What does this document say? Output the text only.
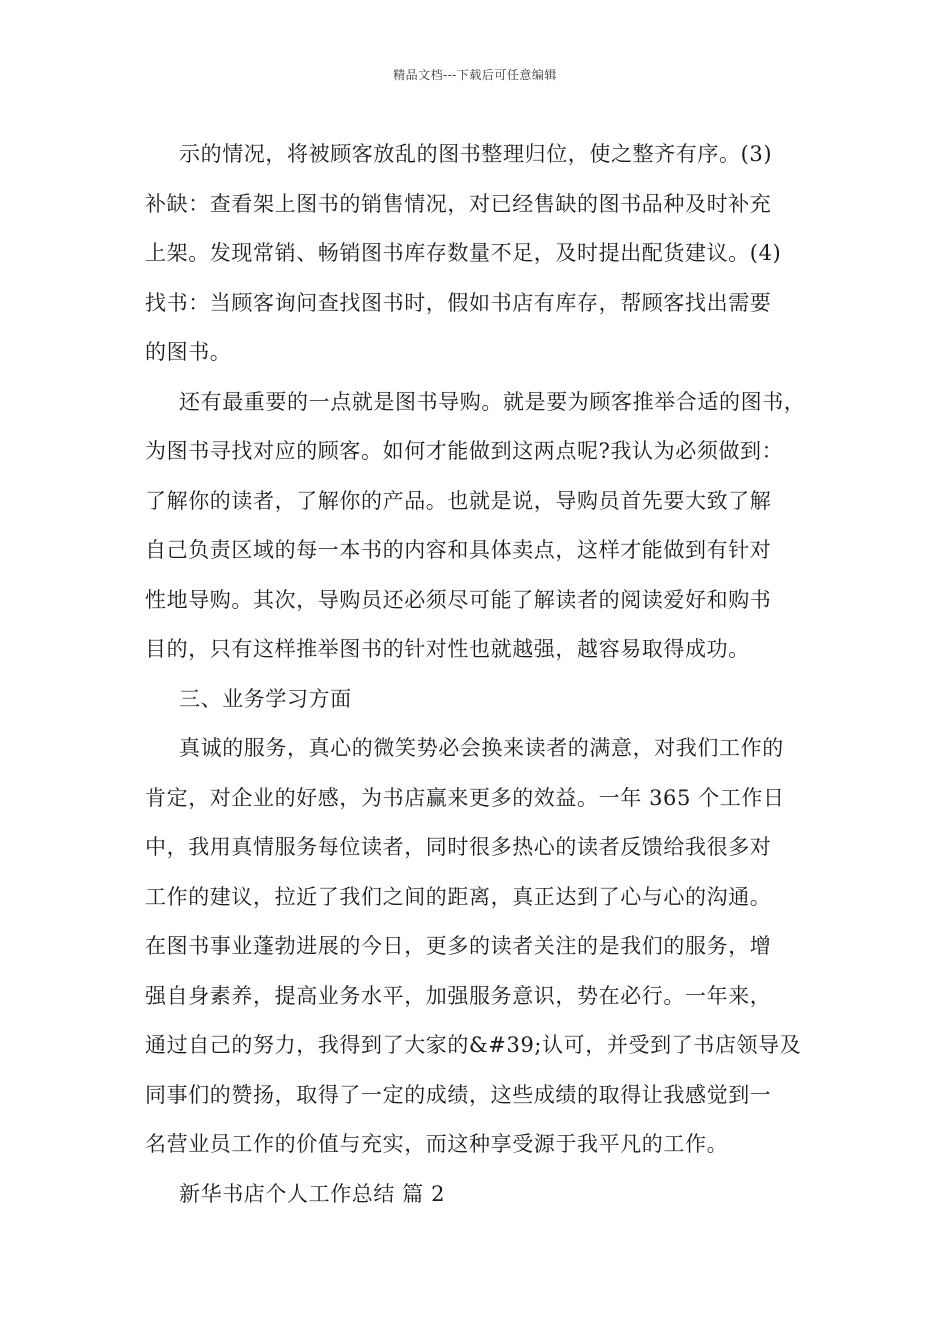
精品文档---下载后可任意编辑
示的情况，将被顾客放乱的图书整理归位，使之整齐有序。(3)
补缺：查看架上图书的销售情况，对已经售缺的图书品种及时补充
上架。发现常销、畅销图书库存数量不足，及时提出配货建议。(4)
找书：当顾客询问查找图书时，假如书店有库存，帮顾客找出需要
的图书。
还有最重要的一点就是图书导购。就是要为顾客推举合适的图书，
为图书寻找对应的顾客。如何才能做到这两点呢?我认为必须做到：
了解你的读者，了解你的产品。也就是说，导购员首先要大致了解
自己负责区域的每一本书的内容和具体卖点，这样才能做到有针对
性地导购。其次，导购员还必须尽可能了解读者的阅读爱好和购书
目的，只有这样推举图书的针对性也就越强，越容易取得成功。
三、业务学习方面
真诚的服务，真心的微笑势必会换来读者的满意，对我们工作的
肯定，对企业的好感，为书店赢来更多的效益。一年 365 个工作日
中，我用真情服务每位读者，同时很多热心的读者反馈给我很多对
工作的建议，拉近了我们之间的距离，真正达到了心与心的沟通。
在图书事业蓬勃进展的今日，更多的读者关注的是我们的服务，增
强自身素养，提高业务水平，加强服务意识，势在必行。一年来，
通过自己的努力，我得到了大家的&#39;认可，并受到了书店领导及
同事们的赞扬，取得了一定的成绩，这些成绩的取得让我感觉到一
名营业员工作的价值与充实，而这种享受源于我平凡的工作。
新华书店个人工作总结 篇 2
